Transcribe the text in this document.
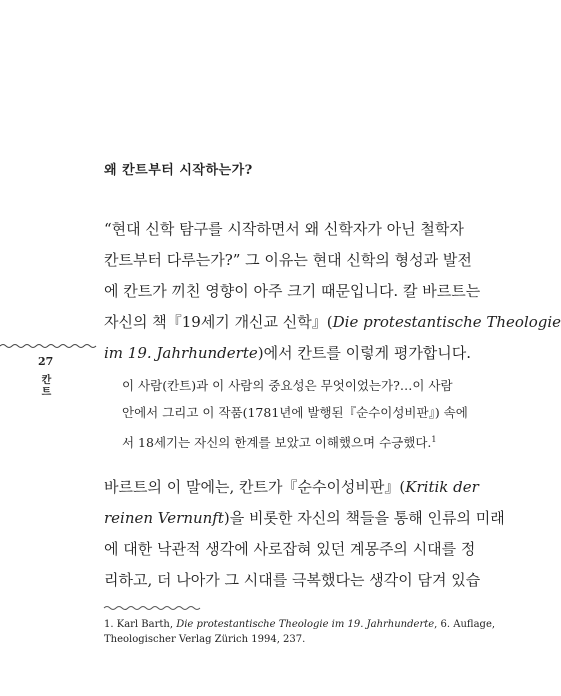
왜 칸트부터 시작하는가?
“현대 신학 탐구를 시작하면서 왜 신학자가 아닌 철학자
칸트부터 다루는가?” 그 이유는 현대 신학의 형성과 발전
에 칸트가 끼친 영향이 아주 크기 때문입니다. 칼 바르트는
자신의 책『19세기 개신교 신학』(Die protestantische Theologie
im 19. Jahrhunderte)에서 칸트를 이렇게 평가합니다.
27
칸트	이 사람(칸트)과 이 사람의 중요성은 무엇이었는가?…이 사람
안에서 그리고 이 작품(1781년에 발행된『순수이성비판』) 속에
서 18세기는 자신의 한계를 보았고 이해했으며 수긍했다.$^1$
바르트의 이 말에는, 칸트가『순수이성비판』(Kritik der
reinen Vernunft)을 비롯한 자신의 책들을 통해 인류의 미래
에 대한 낙관적 생각에 사로잡혀 있던 계몽주의 시대를 정
리하고, 더 나아가 그 시대를 극복했다는 생각이 담겨 있습
1. Karl Barth, Die protestantische Theologie im 19. Jahrhunderte, 6. Auflage,
Theologischer Verlag Zürich 1994, 237.
